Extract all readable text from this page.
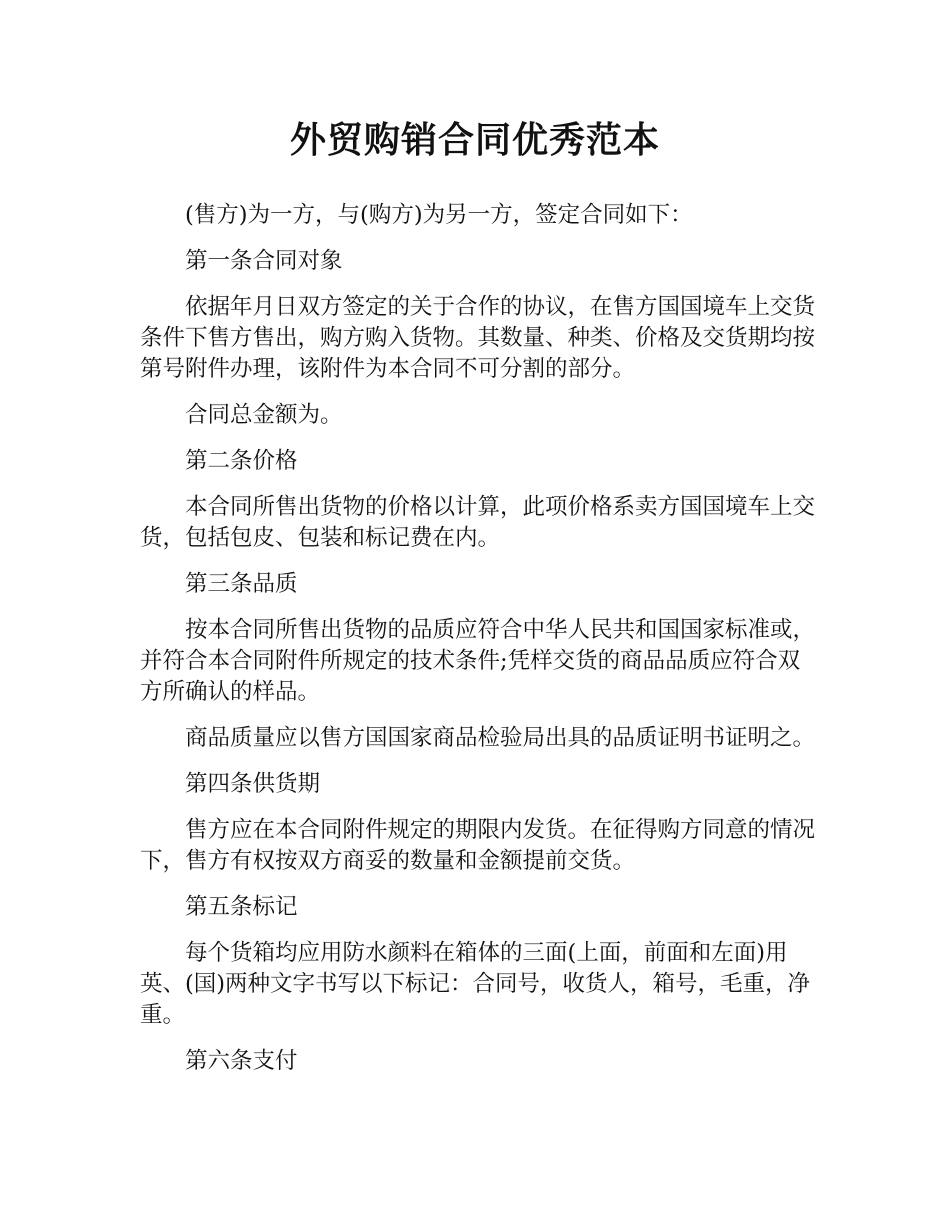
外贸购销合同优秀范本

(售方)为一方，与(购方)为另一方，签定合同如下：

第一条合同对象

依据年月日双方签定的关于合作的协议，在售方国国境车上交货条件下售方售出，购方购入货物。其数量、种类、价格及交货期均按第号附件办理，该附件为本合同不可分割的部分。

合同总金额为。

第二条价格

本合同所售出货物的价格以计算，此项价格系卖方国国境车上交货，包括包皮、包装和标记费在内。

第三条品质

按本合同所售出货物的品质应符合中华人民共和国国家标准或，并符合本合同附件所规定的技术条件;凭样交货的商品品质应符合双方所确认的样品。

商品质量应以售方国国家商品检验局出具的品质证明书证明之。

第四条供货期

售方应在本合同附件规定的期限内发货。在征得购方同意的情况下，售方有权按双方商妥的数量和金额提前交货。

第五条标记

每个货箱均应用防水颜料在箱体的三面(上面，前面和左面)用英、(国)两种文字书写以下标记：合同号，收货人，箱号，毛重，净重。

第六条支付
